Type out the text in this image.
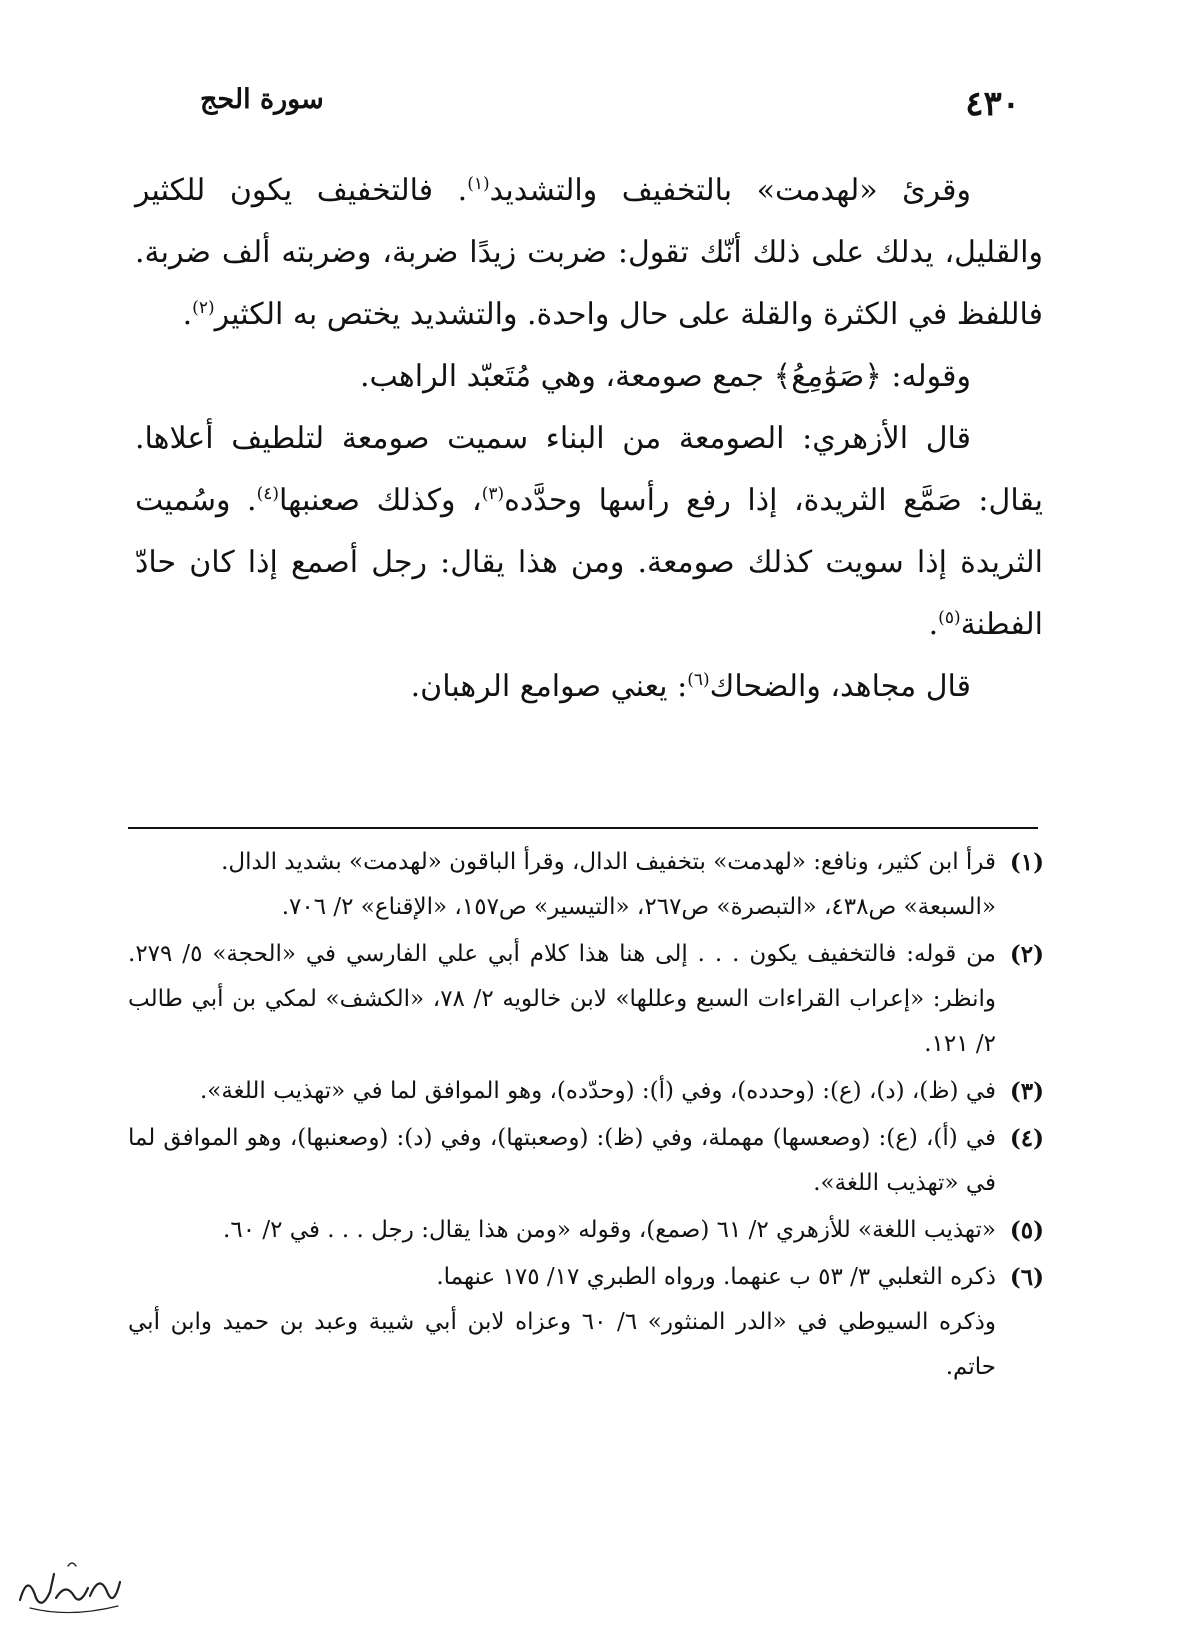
٤٣٠
سورة الحج

وقرئ «لهدمت» بالتخفيف والتشديد$^{(١)}$. فالتخفيف يكون للكثير والقليل، يدلك على ذلك أنّك تقول: ضربت زيدًا ضربة، وضربته ألف ضربة. فاللفظ في الكثرة والقلة على حال واحدة. والتشديد يختص به الكثير$^{(٢)}$.

وقوله: ﴿صَوَٰمِعُ﴾ جمع صومعة، وهي مُتَعبّد الراهب.

قال الأزهري: الصومعة من البناء سميت صومعة لتلطيف أعلاها. يقال: صَمَّع الثريدة، إذا رفع رأسها وحدَّده$^{(٣)}$، وكذلك صعنبها$^{(٤)}$. وسُميت الثريدة إذا سويت كذلك صومعة. ومن هذا يقال: رجل أصمع إذا كان حادّ الفطنة$^{(٥)}$.

قال مجاهد، والضحاك$^{(٦)}$: يعني صوامع الرهبان.

(١)
قرأ ابن كثير، ونافع: «لهدمت» بتخفيف الدال، وقرأ الباقون «لهدمت» بشديد الدال.
«السبعة» ص٤٣٨، «التبصرة» ص٢٦٧، «التيسير» ص١٥٧، «الإقناع» ٢/ ٧٠٦.
(٢)
من قوله: فالتخفيف يكون . . . إلى هنا هذا كلام أبي علي الفارسي في «الحجة» ٥/ ٢٧٩. وانظر: «إعراب القراءات السبع وعللها» لابن خالويه ٢/ ٧٨، «الكشف» لمكي بن أبي طالب ٢/ ١٢١.
(٣)
في (ظ)، (د)، (ع): (وحدده)، وفي (أ): (وحدّده)، وهو الموافق لما في «تهذيب اللغة».
(٤)
في (أ)، (ع): (وصعسها) مهملة، وفي (ظ): (وصعبتها)، وفي (د): (وصعنبها)، وهو الموافق لما في «تهذيب اللغة».
(٥)
«تهذيب اللغة» للأزهري ٢/ ٦١ (صمع)، وقوله «ومن هذا يقال: رجل . . . في ٢/ ٦٠.
(٦)
ذكره الثعلبي ٣/ ٥٣ ب عنهما. ورواه الطبري ١٧/ ١٧٥ عنهما.
وذكره السيوطي في «الدر المنثور» ٦/ ٦٠ وعزاه لابن أبي شيبة وعبد بن حميد وابن أبي حاتم.
